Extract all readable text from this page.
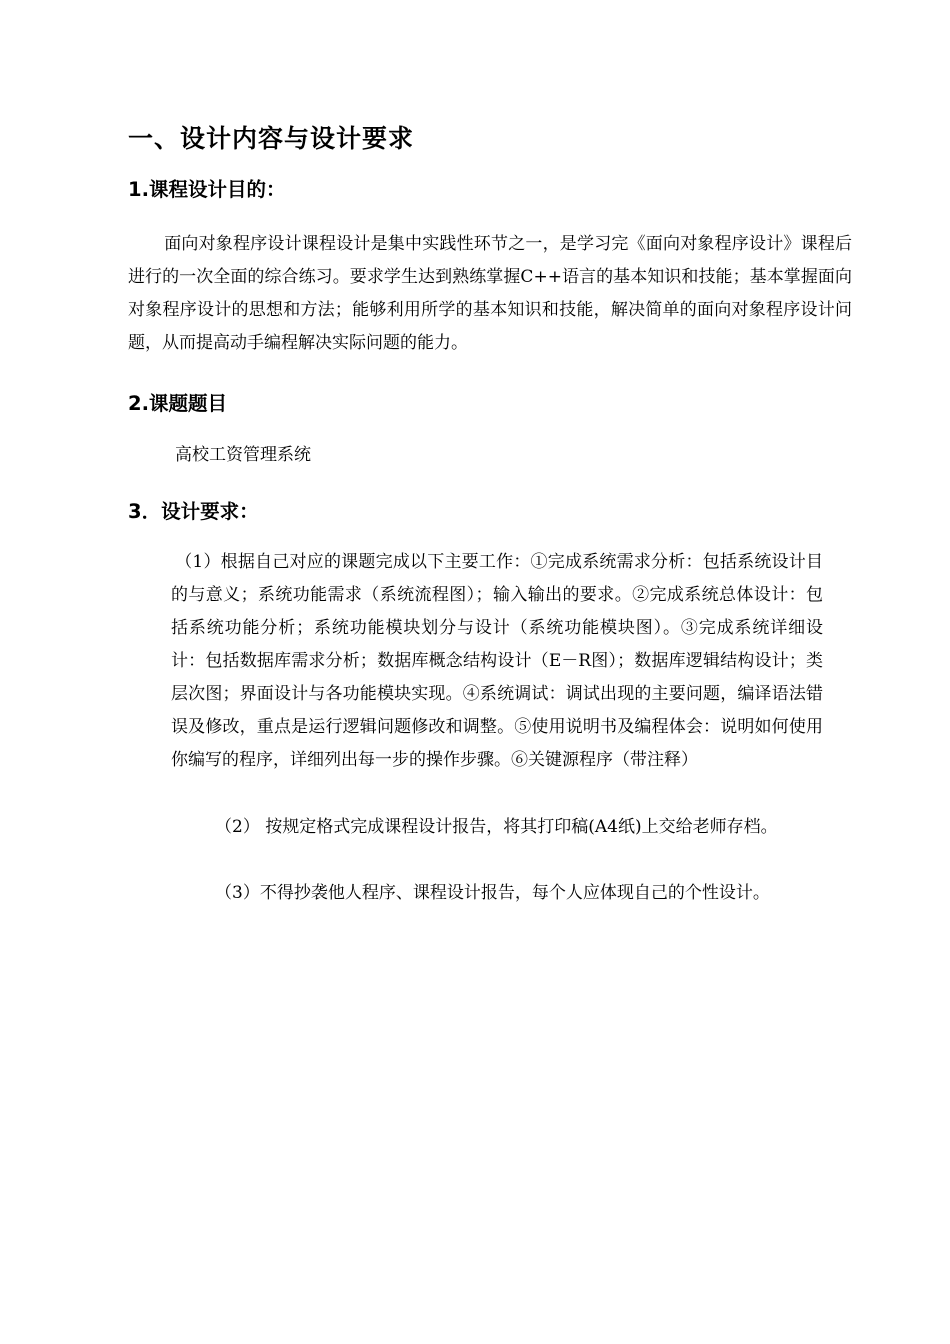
一、设计内容与设计要求
1.课程设计目的：

面向对象程序设计课程设计是集中实践性环节之一，是学习完《面向对象程序设计》课程后进行的一次全面的综合练习。要求学生达到熟练掌握C++语言的基本知识和技能；基本掌握面向对象程序设计的思想和方法；能够利用所学的基本知识和技能，解决简单的面向对象程序设计问题，从而提高动手编程解决实际问题的能力。

2.课题题目

高校工资管理系统

3．设计要求：

（1）根据自己对应的课题完成以下主要工作：①完成系统需求分析：包括系统设计目的与意义；系统功能需求（系统流程图）；输入输出的要求。②完成系统总体设计：包括系统功能分析；系统功能模块划分与设计（系统功能模块图）。③完成系统详细设计：包括数据库需求分析；数据库概念结构设计（E－R图）；数据库逻辑结构设计；类层次图；界面设计与各功能模块实现。④系统调试：调试出现的主要问题，编译语法错误及修改，重点是运行逻辑问题修改和调整。⑤使用说明书及编程体会：说明如何使用你编写的程序，详细列出每一步的操作步骤。⑥关键源程序（带注释）

（2） 按规定格式完成课程设计报告，将其打印稿(A4纸)上交给老师存档。

（3）不得抄袭他人程序、课程设计报告，每个人应体现自己的个性设计。
